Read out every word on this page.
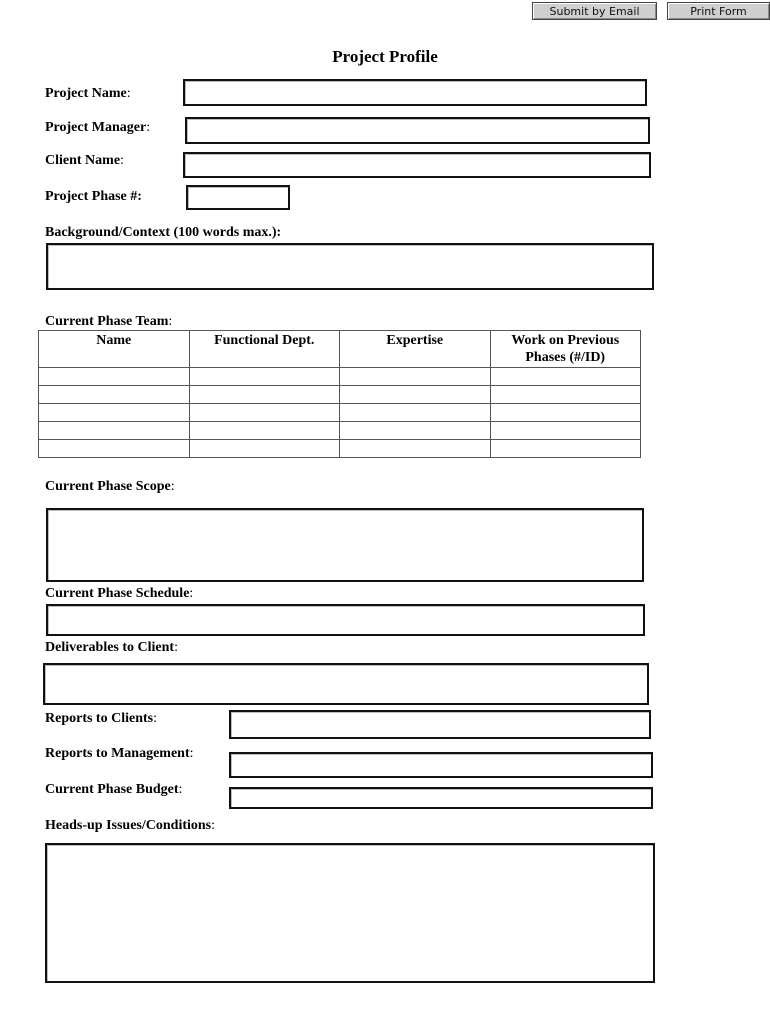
Submit by Email	Print Form
Project Profile
Project Name:
Project Manager:
Client Name:
Project Phase #:
Background/Context (100 words max.):
Current Phase Team:
Name	Functional Dept.	Expertise	Work on Previous Phases (#/ID)

Current Phase Scope:
Current Phase Schedule:
Deliverables to Client:
Reports to Clients:
Reports to Management:
Current Phase Budget:
Heads-up Issues/Conditions:
